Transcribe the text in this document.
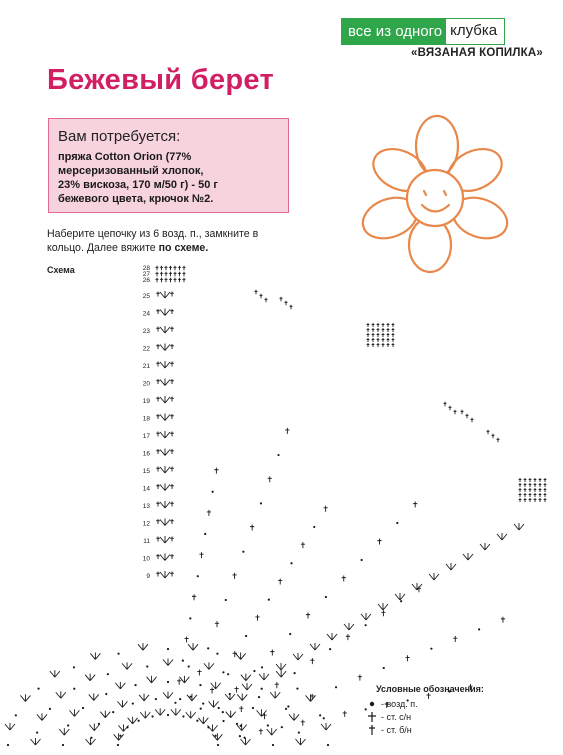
все из одного клубка
«ВЯЗАНАЯ КОПИЛКА»
Бежевый берет
Вам потребуется:
пряжа Cotton Orion (77%
мерсеризованный хлопок,
23% вискоза, 170 м/50 г) - 50 г
бежевого цвета, крючок №2.
Наберите цепочку из 6 возд. п., замкните в кольцо. Далее вяжите по схеме.
Схема	28
27
26
25
24
23
22
21
20
19
18
17
16
15
14
13
12
11
10
9
Условные обозначения:
- возд. п.
- ст. с/н
- ст. б/н
